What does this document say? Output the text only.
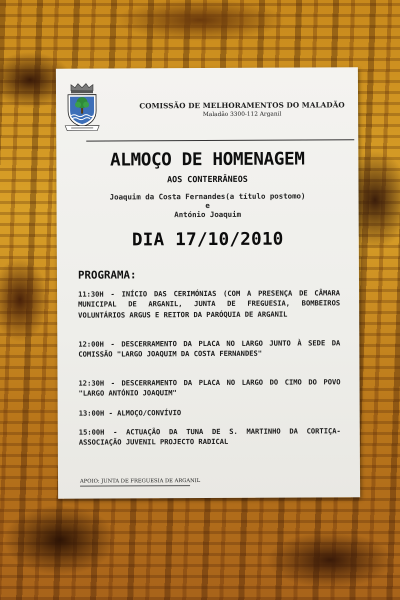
COMISSÃO DE MELHORAMENTOS DO MALADÃO
Maladão 3300-112 Arganil
ALMOÇO DE HOMENAGEM
AOS CONTERRÂNEOS
Joaquim da Costa Fernandes(a título postomo)
e
António Joaquim
DIA 17/10/2010
PROGRAMA:
11:30H - INÍCIO DAS CERIMÓNIAS (COM A PRESENÇA DE CÂMARA MUNICIPAL DE ARGANIL, JUNTA DE FREGUESIA, BOMBEIROS VOLUNTÁRIOS ARGUS E REITOR DA PARÓQUIA DE ARGANIL
12:00H - DESCERRAMENTO DA PLACA NO LARGO JUNTO À SEDE DA COMISSÃO "LARGO JOAQUIM DA COSTA FERNANDES"
12:30H - DESCERRAMENTO DA PLACA NO LARGO DO CIMO DO POVO "LARGO ANTÓNIO JOAQUIM"
13:00H - ALMOÇO/CONVÍVIO
15:00H - ACTUAÇÃO DA TUNA DE S. MARTINHO DA CORTIÇA-ASSOCIAÇÃO JUVENIL PROJECTO RADICAL
APOIO: JUNTA DE FREGUESIA DE ARGANIL
